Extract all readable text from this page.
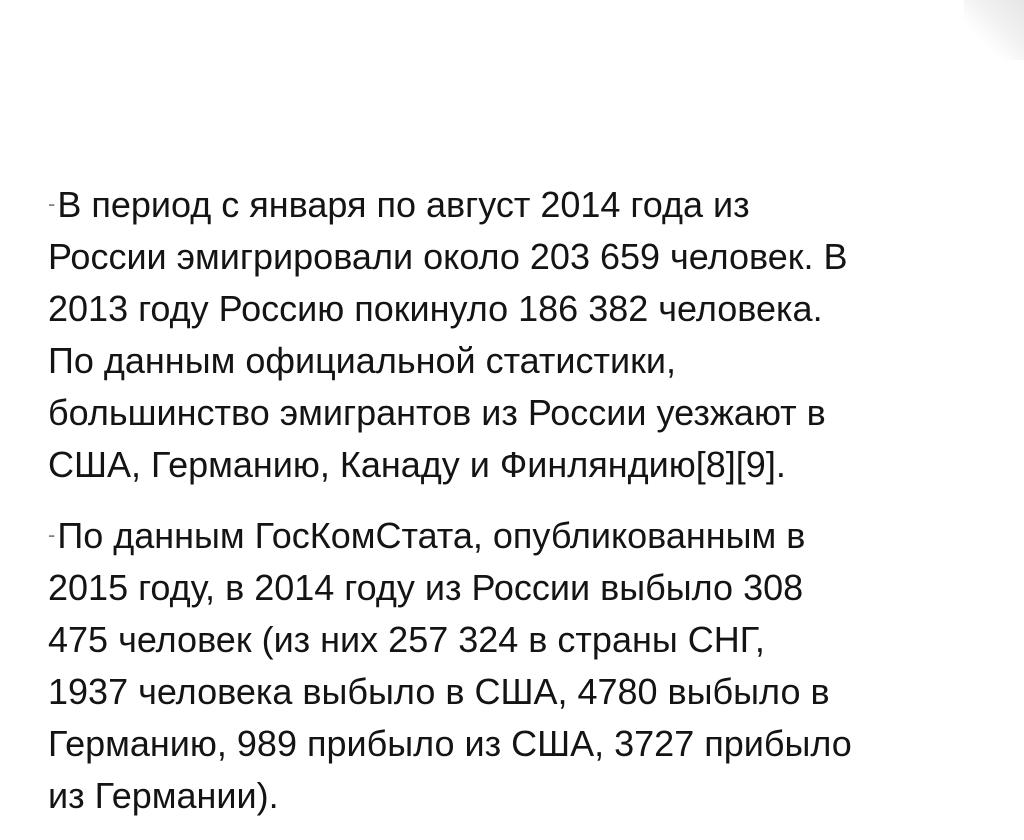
-В период с января по август 2014 года из
России эмигрировали около 203 659 человек. В
2013 году Россию покинуло 186 382 человека.
По данным официальной статистики,
большинство эмигрантов из России уезжают в
США, Германию, Канаду и Финляндию[8][9].
-По данным ГосКомСтата, опубликованным в
2015 году, в 2014 году из России выбыло 308
475 человек (из них 257 324 в страны СНГ,
1937 человека выбыло в США, 4780 выбыло в
Германию, 989 прибыло из США, 3727 прибыло
из Германии).
